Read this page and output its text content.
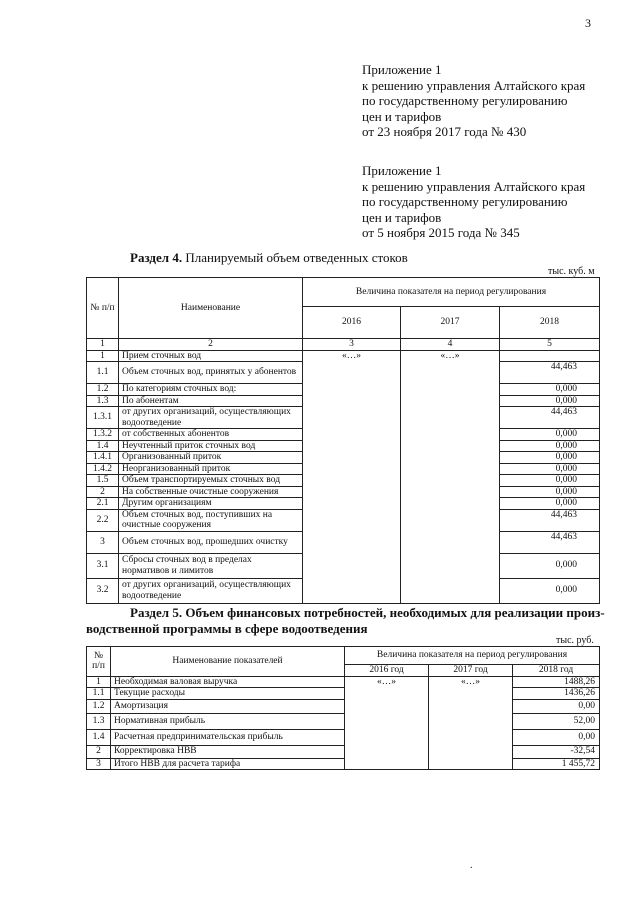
3
Приложение 1
к решению управления Алтайского края
по государственному регулированию
цен и тарифов
от 23 ноября 2017 года № 430
Приложение 1
к решению управления Алтайского края
по государственному регулированию
цен и тарифов
от 5 ноября 2015 года № 345
Раздел 4. Планируемый объем отведенных стоков
тыс. куб. м
№ п/п	Наименование	Величина показателя на период регулирования		
		2016	2017	2018
1	2	3	4	5
1	Прием сточных вод	«…»	«…»	
1.1	Объем сточных вод, принятых у абонентов			44,463
1.2	По категориям сточных вод:			0,000
1.3	По абонентам			0,000
1.3.1	от других организаций, осуществляющих водоотведение			44,463
1.3.2	от собственных абонентов			0,000
1.4	Неучтенный приток сточных вод			0,000
1.4.1	Организованный приток			0,000
1.4.2	Неорганизованный приток			0,000
1.5	Объем транспортируемых сточных вод			0,000
2	На собственные очистные сооружения			0,000
2.1	Другим организациям			0,000
2.2	Объем сточных вод, поступивших на очистные сооружения			44,463
3	Объем сточных вод, прошедших очистку			44,463
3.1	Сбросы сточных вод в пределах нормативов и лимитов			0,000
3.2	от других организаций, осуществляющих водоотведение			0,000
Раздел 5. Объем финансовых потребностей, необходимых для реализации произ-
водственной программы в сфере водоотведения
тыс. руб.
№ п/п	Наименование показателей	Величина показателя на период регулирования		
		2016 год	2017 год	2018 год
1	Необходимая валовая выручка	«…»	«…»	1488,26
1.1	Текущие расходы			1436,26
1.2	Амортизация			0,00
1.3	Нормативная прибыль			52,00
1.4	Расчетная предпринимательская прибыль			0,00
2	Корректировка НВВ			-32,54
3	Итого НВВ для расчета тарифа			1 455,72
.
